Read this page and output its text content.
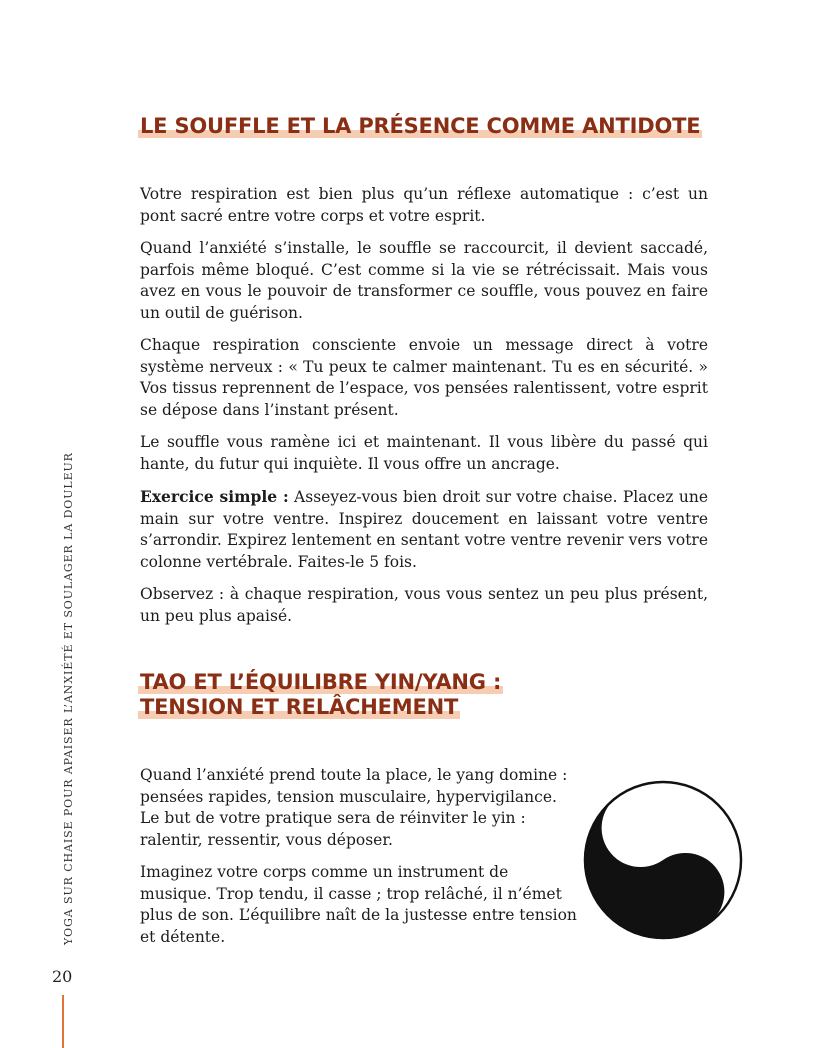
LE SOUFFLE ET LA PRÉSENCE COMME ANTIDOTE

Votre respiration est bien plus qu’un réflexe automatique : c’est un pont sacré entre votre corps et votre esprit.

Quand l’anxiété s’installe, le souffle se raccourcit, il devient saccadé, parfois même bloqué. C’est comme si la vie se rétrécissait. Mais vous avez en vous le pouvoir de transformer ce souffle, vous pouvez en faire un outil de guérison.

Chaque respiration consciente envoie un message direct à votre système nerveux : « Tu peux te calmer maintenant. Tu es en sécurité. » Vos tissus reprennent de l’espace, vos pensées ralentissent, votre esprit se dépose dans l’instant présent.

Le souffle vous ramène ici et maintenant. Il vous libère du passé qui hante, du futur qui inquiète. Il vous offre un ancrage.

Exercice simple : Asseyez-vous bien droit sur votre chaise. Placez une main sur votre ventre. Inspirez doucement en laissant votre ventre s’arrondir. Expirez lentement en sentant votre ventre revenir vers votre colonne vertébrale. Faites-le 5 fois.

Observez : à chaque respiration, vous vous sentez un peu plus présent, un peu plus apaisé.

TAO ET L’ÉQUILIBRE YIN/YANG :
TENSION ET RELÂCHEMENT

Quand l’anxiété prend toute la place, le yang domine : pensées rapides, tension musculaire, hypervigilance. Le but de votre pratique sera de réinviter le yin : ralentir, ressentir, vous déposer.

Imaginez votre corps comme un instrument de musique. Trop tendu, il casse ; trop relâché, il n’émet plus de son. L’équilibre naît de la justesse entre tension et détente.

YOGA SUR CHAISE POUR APAISER L’ANXIÉTÉ ET SOULAGER LA DOULEUR
20
